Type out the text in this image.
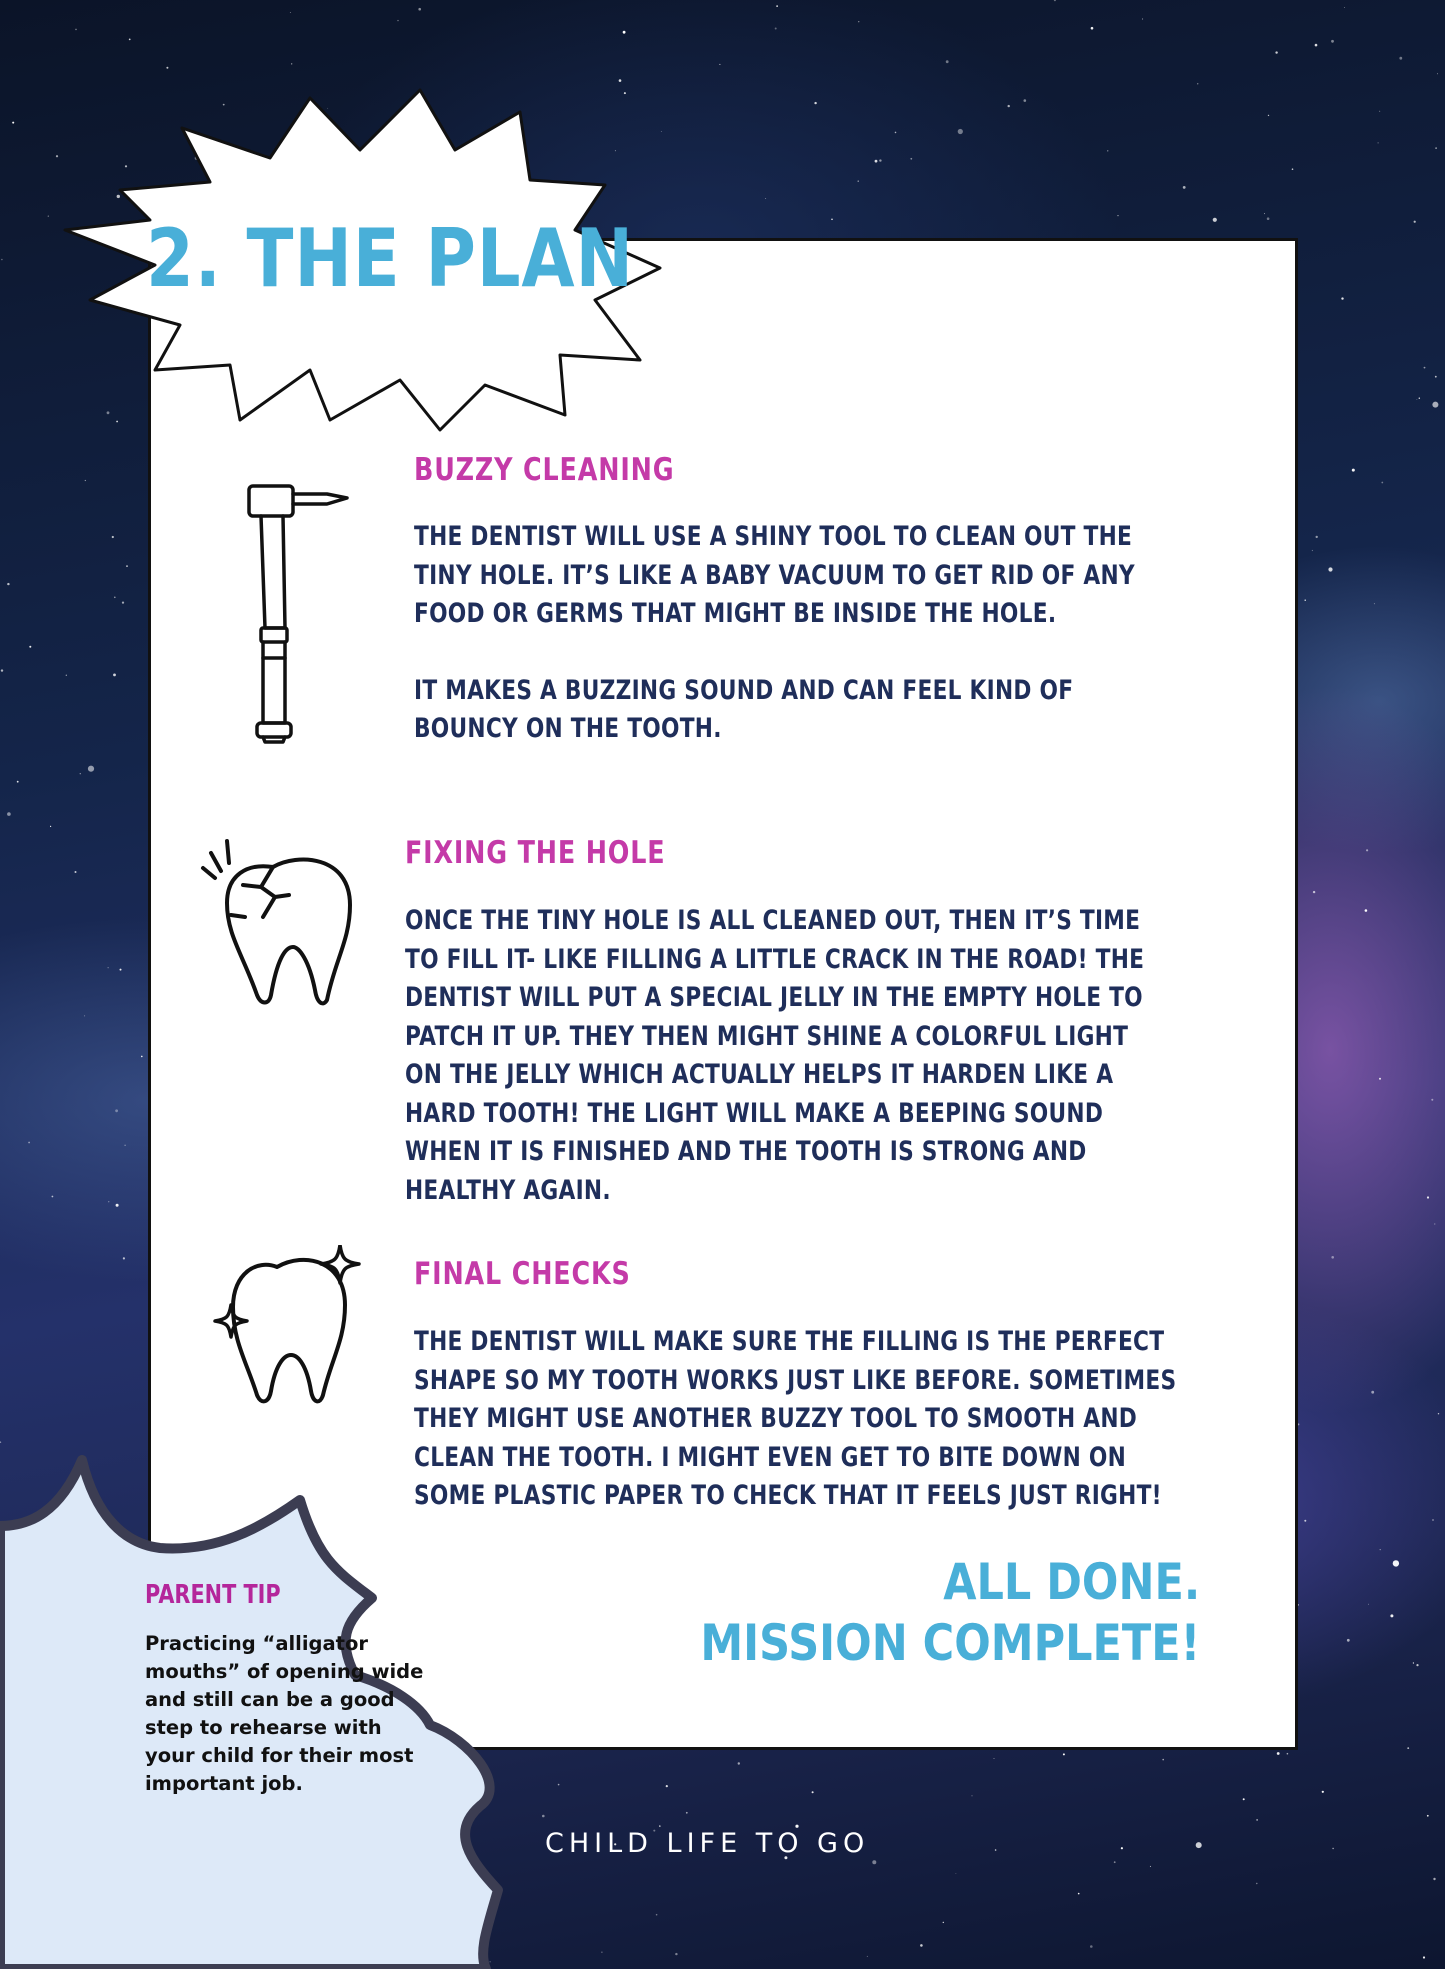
2. THE PLAN
BUZZY CLEANING

THE DENTIST WILL USE A SHINY TOOL TO CLEAN OUT THE TINY HOLE. IT’S LIKE A BABY VACUUM TO GET RID OF ANY FOOD OR GERMS THAT MIGHT BE INSIDE THE HOLE.

IT MAKES A BUZZING SOUND AND CAN FEEL KIND OF BOUNCY ON THE TOOTH.

FIXING THE HOLE

ONCE THE TINY HOLE IS ALL CLEANED OUT, THEN IT’S TIME TO FILL IT- LIKE FILLING A LITTLE CRACK IN THE ROAD! THE DENTIST WILL PUT A SPECIAL JELLY IN THE EMPTY HOLE TO PATCH IT UP. THEY THEN MIGHT SHINE A COLORFUL LIGHT ON THE JELLY WHICH ACTUALLY HELPS IT HARDEN LIKE A HARD TOOTH! THE LIGHT WILL MAKE A BEEPING SOUND WHEN IT IS FINISHED AND THE TOOTH IS STRONG AND HEALTHY AGAIN.

FINAL CHECKS

THE DENTIST WILL MAKE SURE THE FILLING IS THE PERFECT SHAPE SO MY TOOTH WORKS JUST LIKE BEFORE. SOMETIMES THEY MIGHT USE ANOTHER BUZZY TOOL TO SMOOTH AND CLEAN THE TOOTH. I MIGHT EVEN GET TO BITE DOWN ON SOME PLASTIC PAPER TO CHECK THAT IT FEELS JUST RIGHT!

ALL DONE.
MISSION COMPLETE!
PARENT TIP

Practicing “alligator mouths” of opening wide and still can be a good step to rehearse with your child for their most important job.

CHILD LIFE TO GO
